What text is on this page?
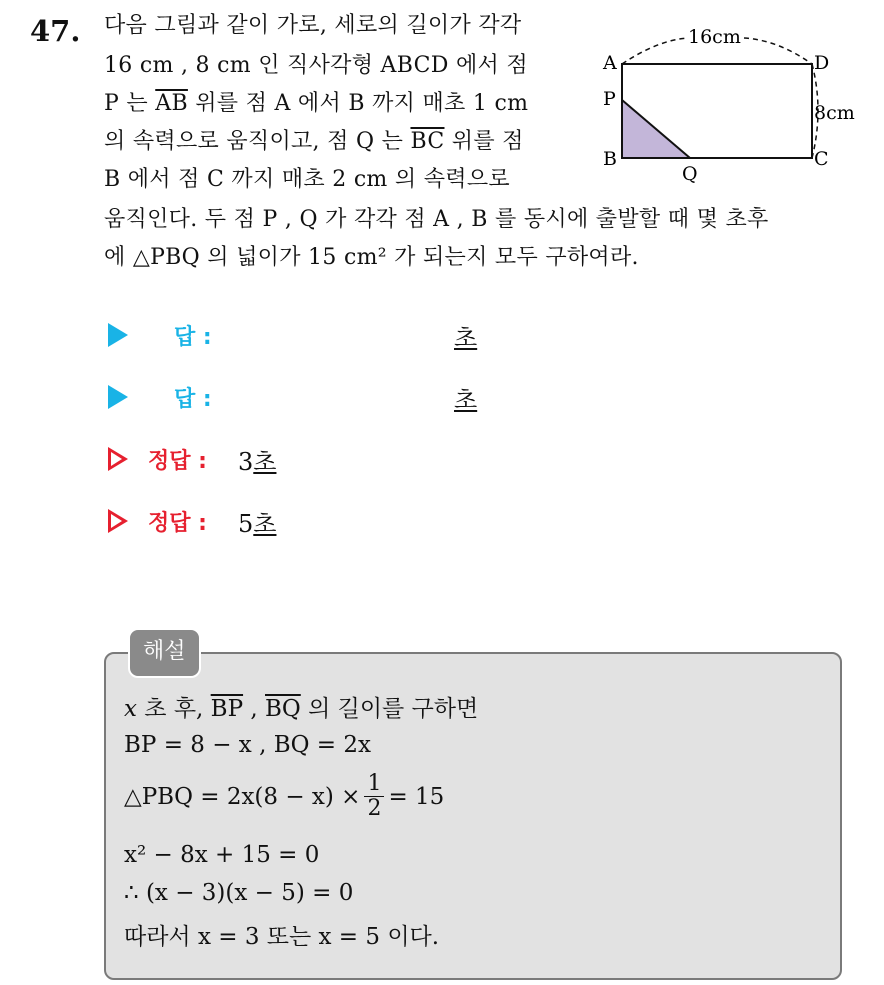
47. 다음 그림과 같이 가로, 세로의 길이가 각각
16 cm , 8 cm 인 직사각형 ABCD 에서 점
P 는 $\overline{AB}$ 위를 점 A 에서 B 까지 매초 1 cm
의 속력으로 움직이고, 점 Q 는 $\overline{BC}$ 위를 점
B 에서 점 C 까지 매초 2 cm 의 속력으로
움직인다. 두 점 P , Q 가 각각 점 A , B 를 동시에 출발할 때 몇 초후
에 △PBQ 의 넓이가 15 cm² 가 되는지 모두 구하여라.
16cm
8cm
A	D
P
B	C
Q
답 :	초
답 :	초
정답 : 3초
정답 : 5초
해설
x 초 후, $\overline{BP}$ , $\overline{BQ}$ 의 길이를 구하면
BP = 8 − x , BQ = 2x
△PBQ = $2x(8 - x) \times \frac{1}{2} = 15$
x² − 8x + 15 = 0
∴ (x − 3)(x − 5) = 0
따라서 x = 3 또는 x = 5 이다.
